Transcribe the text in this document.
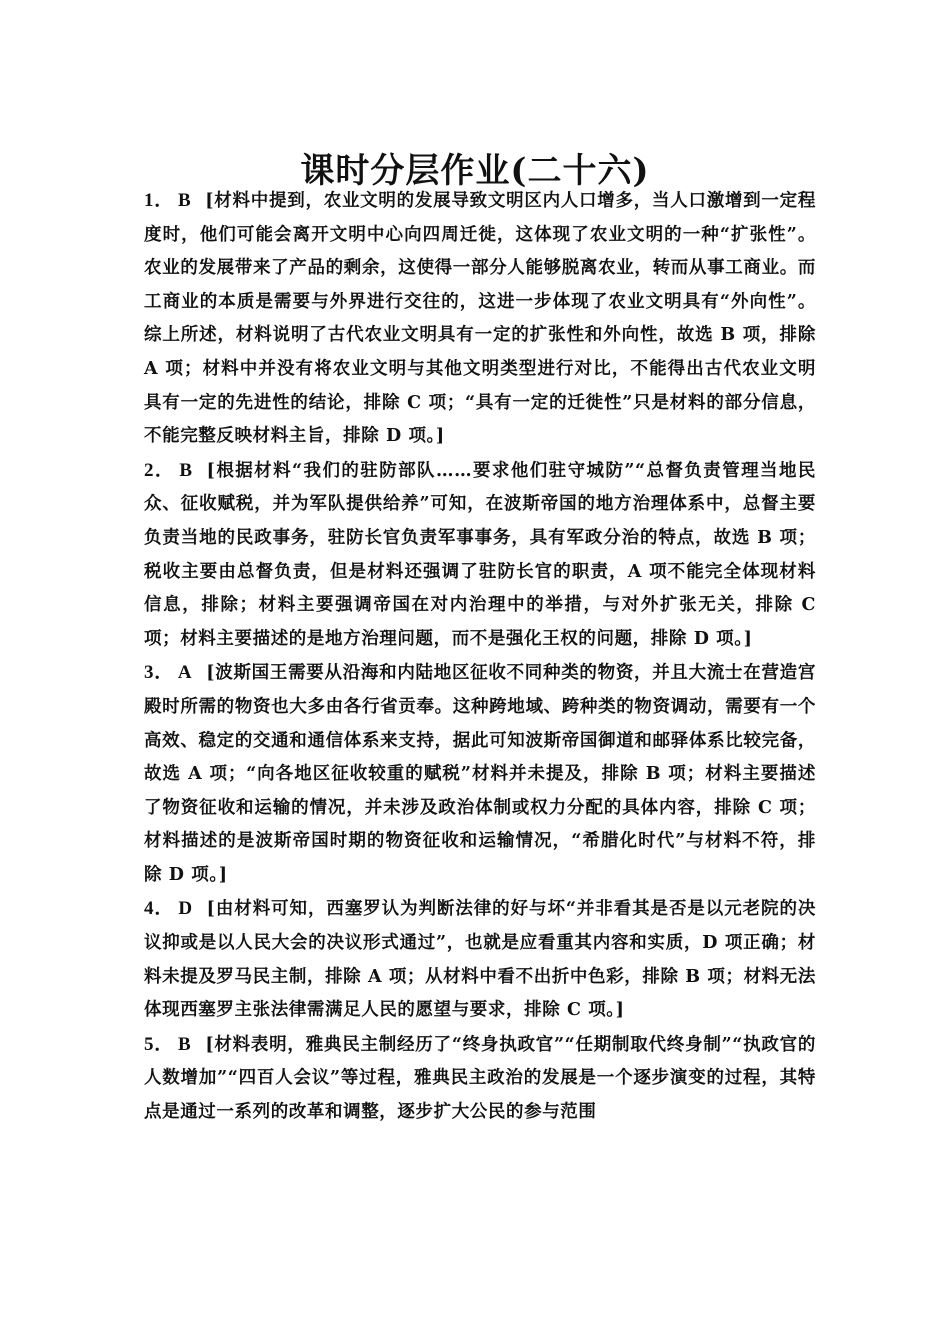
课时分层作业(二十六)

1． B [材料中提到，农业文明的发展导致文明区内人口增多，当人口激增到一定程度时，他们可能会离开文明中心向四周迁徙，这体现了农业文明的一种“扩张性”。农业的发展带来了产品的剩余，这使得一部分人能够脱离农业，转而从事工商业。而工商业的本质是需要与外界进行交往的，这进一步体现了农业文明具有“外向性”。综上所述，材料说明了古代农业文明具有一定的扩张性和外向性，故选 B 项，排除 A 项；材料中并没有将农业文明与其他文明类型进行对比，不能得出古代农业文明具有一定的先进性的结论，排除 C 项；“具有一定的迁徙性”只是材料的部分信息，不能完整反映材料主旨，排除 D 项。]

2． B [根据材料“我们的驻防部队……要求他们驻守城防”“总督负责管理当地民众、征收赋税，并为军队提供给养”可知，在波斯帝国的地方治理体系中，总督主要负责当地的民政事务，驻防长官负责军事事务，具有军政分治的特点，故选 B 项；税收主要由总督负责，但是材料还强调了驻防长官的职责，A 项不能完全体现材料信息，排除；材料主要强调帝国在对内治理中的举措，与对外扩张无关，排除 C 项；材料主要描述的是地方治理问题，而不是强化王权的问题，排除 D 项。]

3． A [波斯国王需要从沿海和内陆地区征收不同种类的物资，并且大流士在营造宫殿时所需的物资也大多由各行省贡奉。这种跨地域、跨种类的物资调动，需要有一个高效、稳定的交通和通信体系来支持，据此可知波斯帝国御道和邮驿体系比较完备，故选 A 项；“向各地区征收较重的赋税”材料并未提及，排除 B 项；材料主要描述了物资征收和运输的情况，并未涉及政治体制或权力分配的具体内容，排除 C 项；材料描述的是波斯帝国时期的物资征收和运输情况，“希腊化时代”与材料不符，排除 D 项。]

4． D [由材料可知，西塞罗认为判断法律的好与坏“并非看其是否是以元老院的决议抑或是以人民大会的决议形式通过”，也就是应看重其内容和实质，D 项正确；材料未提及罗马民主制，排除 A 项；从材料中看不出折中色彩，排除 B 项；材料无法体现西塞罗主张法律需满足人民的愿望与要求，排除 C 项。]

5． B [材料表明，雅典民主制经历了“终身执政官”“任期制取代终身制”“执政官的人数增加”“四百人会议”等过程，雅典民主政治的发展是一个逐步演变的过程，其特点是通过一系列的改革和调整，逐步扩大公民的参与范围
